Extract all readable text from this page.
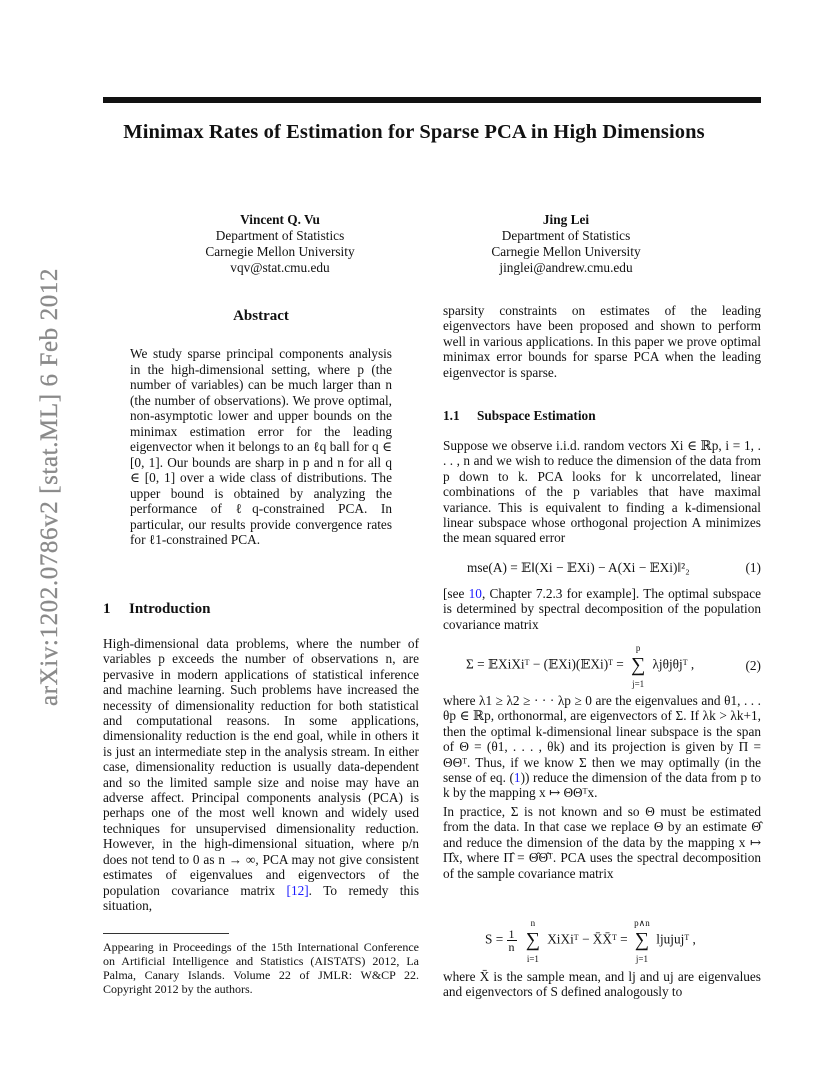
Minimax Rates of Estimation for Sparse PCA in High Dimensions
arXiv:1202.0786v2 [stat.ML] 6 Feb 2012
Vincent Q. Vu
Department of Statistics
Carnegie Mellon University
vqv@stat.cmu.edu
Jing Lei
Department of Statistics
Carnegie Mellon University
jinglei@andrew.cmu.edu
Abstract
We study sparse principal components analysis in the high-dimensional setting, where p (the number of variables) can be much larger than n (the number of observations). We prove optimal, non-asymptotic lower and upper bounds on the minimax estimation error for the leading eigenvector when it belongs to an ℓq ball for q ∈ [0, 1]. Our bounds are sharp in p and n for all q ∈ [0, 1] over a wide class of distributions. The upper bound is obtained by analyzing the performance of ℓq-constrained PCA. In particular, our results provide convergence rates for ℓ1-constrained PCA.
1 Introduction
High-dimensional data problems, where the number of variables p exceeds the number of observations n, are pervasive in modern applications of statistical inference and machine learning. Such problems have increased the necessity of dimensionality reduction for both statistical and computational reasons. In some applications, dimensionality reduction is the end goal, while in others it is just an intermediate step in the analysis stream. In either case, dimensionality reduction is usually data-dependent and so the limited sample size and noise may have an adverse affect. Principal components analysis (PCA) is perhaps one of the most well known and widely used techniques for unsupervised dimensionality reduction. However, in the high-dimensional situation, where p/n does not tend to 0 as n → ∞, PCA may not give consistent estimates of eigenvalues and eigenvectors of the population covariance matrix [12]. To remedy this situation,
Appearing in Proceedings of the 15th International Conference on Artificial Intelligence and Statistics (AISTATS) 2012, La Palma, Canary Islands. Volume 22 of JMLR: W&CP 22. Copyright 2012 by the authors.
sparsity constraints on estimates of the leading eigenvectors have been proposed and shown to perform well in various applications. In this paper we prove optimal minimax error bounds for sparse PCA when the leading eigenvector is sparse.
1.1 Subspace Estimation
Suppose we observe i.i.d. random vectors Xi ∈ ℝp, i = 1, . . . , n and we wish to reduce the dimension of the data from p down to k. PCA looks for k uncorrelated, linear combinations of the p variables that have maximal variance. This is equivalent to finding a k-dimensional linear subspace whose orthogonal projection A minimizes the mean squared error
mse(A) = 𝔼‖(Xi − 𝔼Xi) − A(Xi − 𝔼Xi)‖²₂	(1)
[see 10, Chapter 7.2.3 for example]. The optimal subspace is determined by spectral decomposition of the population covariance matrix
Σ = 𝔼XiXiᵀ − (𝔼Xi)(𝔼Xi)ᵀ = ∑
p
j=1
λjθjθjᵀ ,	(2)
where λ1 ≥ λ2 ≥ · · · λp ≥ 0 are the eigenvalues and θ1, . . . θp ∈ ℝp, orthonormal, are eigenvectors of Σ. If λk > λk+1, then the optimal k-dimensional linear subspace is the span of Θ = (θ1, . . . , θk) and its projection is given by Π = ΘΘᵀ. Thus, if we know Σ then we may optimally (in the sense of eq. (1)) reduce the dimension of the data from p to k by the mapping x ↦ ΘΘᵀx.
In practice, Σ is not known and so Θ must be estimated from the data. In that case we replace Θ by an estimate Θ̂ and reduce the dimension of the data by the mapping x ↦ Π̂x, where Π̂ = Θ̂Θ̂ᵀ. PCA uses the spectral decomposition of the sample covariance matrix
$S = \frac{1}{n}$ ∑
n
i=1
XiXiᵀ − X̄X̄ᵀ = ∑
p∧n
j=1
ljujujᵀ ,
where X̄ is the sample mean, and lj and uj are eigenvalues and eigenvectors of S defined analogously to
